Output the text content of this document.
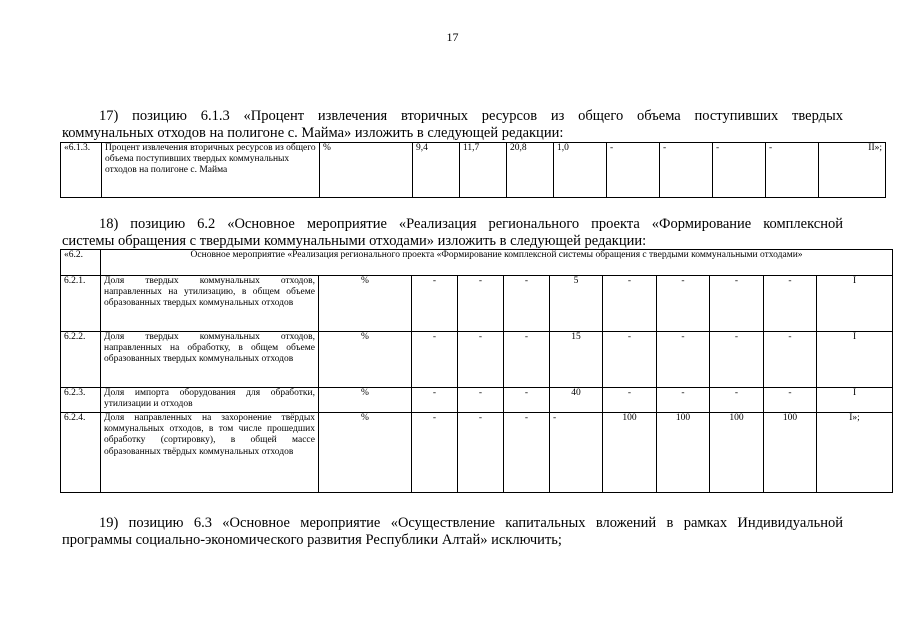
17
17) позицию 6.1.3 «Процент извлечения вторичных ресурсов из общего объема поступивших твердых
коммунальных отходов на полигоне с. Майма» изложить в следующей редакции:
«6.1.3.	Процент извлечения вторичных ресурсов из общего объема поступивших твердых коммунальных отходов на полигоне с. Майма	%	9,4	11,7	20,8	1,0	-	-	-	-	II»;
18) позицию 6.2 «Основное мероприятие «Реализация регионального проекта «Формирование комплексной
системы обращения с твердыми коммунальными отходами» изложить в следующей редакции:
«6.2.	Основное мероприятие «Реализация регионального проекта «Формирование комплексной системы обращения с твердыми коммунальными отходами»										
6.2.1.	Доля твердых коммунальных отходов, направленных на утилизацию, в общем объеме образованных твердых коммунальных отходов	%	-	-	-	5	-	-	-	-	I
6.2.2.	Доля твердых коммунальных отходов, направленных на обработку, в общем объеме образованных твердых коммунальных отходов	%	-	-	-	15	-	-	-	-	I
6.2.3.	Доля импорта оборудования для обработки, утилизации и отходов	%	-	-	-	40	-	-	-	-	I
6.2.4.	Доля направленных на захоронение твёрдых коммунальных отходов, в том числе прошедших обработку (сортировку), в общей массе образованных твёрдых коммунальных отходов	%	-	-	-	-	100	100	100	100	I»;
19) позицию 6.3 «Основное мероприятие «Осуществление капитальных вложений в рамках Индивидуальной
программы социально-экономического развития Республики Алтай» исключить;
